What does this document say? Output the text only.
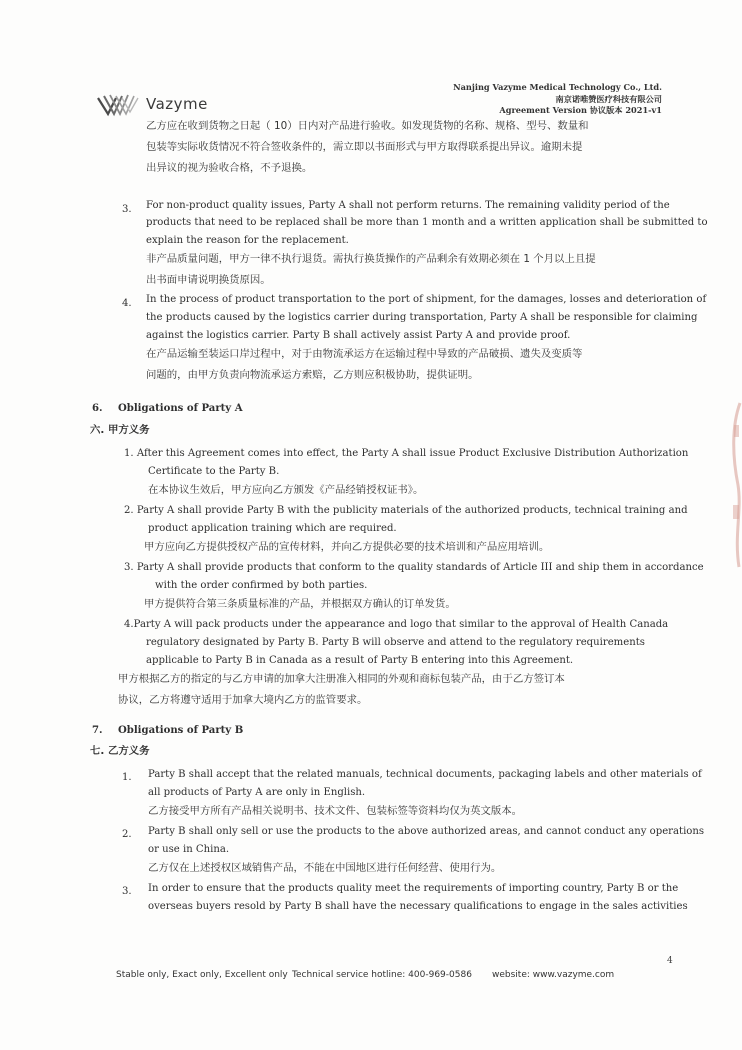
Vazyme
Nanjing Vazyme Medical Technology Co., Ltd.
南京诺唯赞医疗科技有限公司
Agreement Version 协议版本 2021-v1
乙方应在收到货物之日起（ 10）日内对产品进行验收。如发现货物的名称、规格、型号、数量和
包装等实际收货情况不符合签收条件的，需立即以书面形式与甲方取得联系提出异议。逾期未提
出异议的视为验收合格，不予退换。
3. For non-product quality issues, Party A shall not perform returns. The remaining validity period of the
products that need to be replaced shall be more than 1 month and a written application shall be submitted to
explain the reason for the replacement.
非产品质量问题，甲方一律不执行退货。需执行换货操作的产品剩余有效期必须在 1 个月以上且提
出书面申请说明换货原因。
4. In the process of product transportation to the port of shipment, for the damages, losses and deterioration of
the products caused by the logistics carrier during transportation, Party A shall be responsible for claiming
against the logistics carrier. Party B shall actively assist Party A and provide proof.
在产品运输至装运口岸过程中，对于由物流承运方在运输过程中导致的产品破损、遗失及变质等
问题的，由甲方负责向物流承运方索赔，乙方则应积极协助，提供证明。
6. Obligations of Party A
六. 甲方义务
1. After this Agreement comes into effect, the Party A shall issue Product Exclusive Distribution Authorization
Certificate to the Party B.
在本协议生效后，甲方应向乙方颁发《产品经销授权证书》。
2. Party A shall provide Party B with the publicity materials of the authorized products, technical training and
product application training which are required.
甲方应向乙方提供授权产品的宣传材料，并向乙方提供必要的技术培训和产品应用培训。
3. Party A shall provide products that conform to the quality standards of Article III and ship them in accordance
with the order confirmed by both parties.
甲方提供符合第三条质量标准的产品，并根据双方确认的订单发货。
4.Party A will pack products under the appearance and logo that similar to the approval of Health Canada
regulatory designated by Party B. Party B will observe and attend to the regulatory requirements
applicable to Party B in Canada as a result of Party B entering into this Agreement.
甲方根据乙方的指定的与乙方申请的加拿大注册准入相同的外观和商标包装产品，由于乙方签订本
协议，乙方将遵守适用于加拿大境内乙方的监管要求。
7. Obligations of Party B
七. 乙方义务
1. Party B shall accept that the related manuals, technical documents, packaging labels and other materials of
all products of Party A are only in English.
乙方接受甲方所有产品相关说明书、技术文件、包装标签等资料均仅为英文版本。
2. Party B shall only sell or use the products to the above authorized areas, and cannot conduct any operations
or use in China.
乙方仅在上述授权区域销售产品，不能在中国地区进行任何经营、使用行为。
3. In order to ensure that the products quality meet the requirements of importing country, Party B or the
overseas buyers resold by Party B shall have the necessary qualifications to engage in the sales activities
4
Stable only, Exact only, Excellent only Technical service hotline: 400-969-0586 website: www.vazyme.com
